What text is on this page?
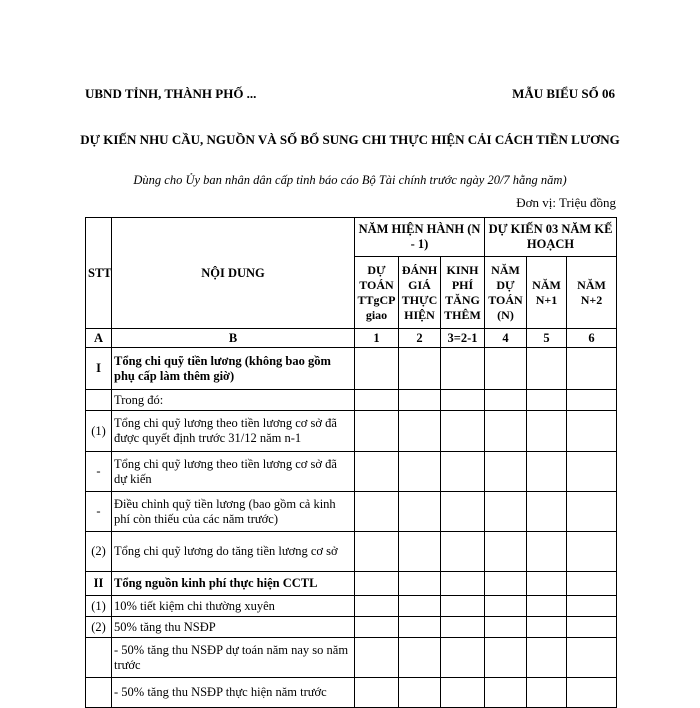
UBND TỈNH, THÀNH PHỐ ...	MẪU BIỂU SỐ 06
DỰ KIẾN NHU CẦU, NGUỒN VÀ SỐ BỔ SUNG CHI THỰC HIỆN CẢI CÁCH TIỀN LƯƠNG
Dùng cho Ủy ban nhân dân cấp tỉnh báo cáo Bộ Tài chính trước ngày 20/7 hằng năm)
Đơn vị: Triệu đồng
STT	NỘI DUNG	NĂM HIỆN HÀNH (N - 1)			DỰ KIẾN 03 NĂM KẾ HOẠCH		
		DỰ TOÁN TTgCP giao	ĐÁNH GIÁ THỰC HIỆN	KINH PHÍ TĂNG THÊM	NĂM DỰ TOÁN (N)	NĂM N+1	NĂM N+2
A	B	1	2	3=2-1	4	5	6
I	Tổng chi quỹ tiền lương (không bao gồm phụ cấp làm thêm giờ)						
	Trong đó:						
(1)	Tổng chi quỹ lương theo tiền lương cơ sở đã được quyết định trước 31/12 năm n-1						
-	Tổng chi quỹ lương theo tiền lương cơ sở đã dự kiến						
-	Điều chỉnh quỹ tiền lương (bao gồm cả kinh phí còn thiếu của các năm trước)						
(2)	Tổng chi quỹ lương do tăng tiền lương cơ sở						
II	Tổng nguồn kinh phí thực hiện CCTL						
(1)	10% tiết kiệm chi thường xuyên						
(2)	50% tăng thu NSĐP						
	- 50% tăng thu NSĐP dự toán năm nay so năm trước						
	- 50% tăng thu NSĐP thực hiện năm trước						
